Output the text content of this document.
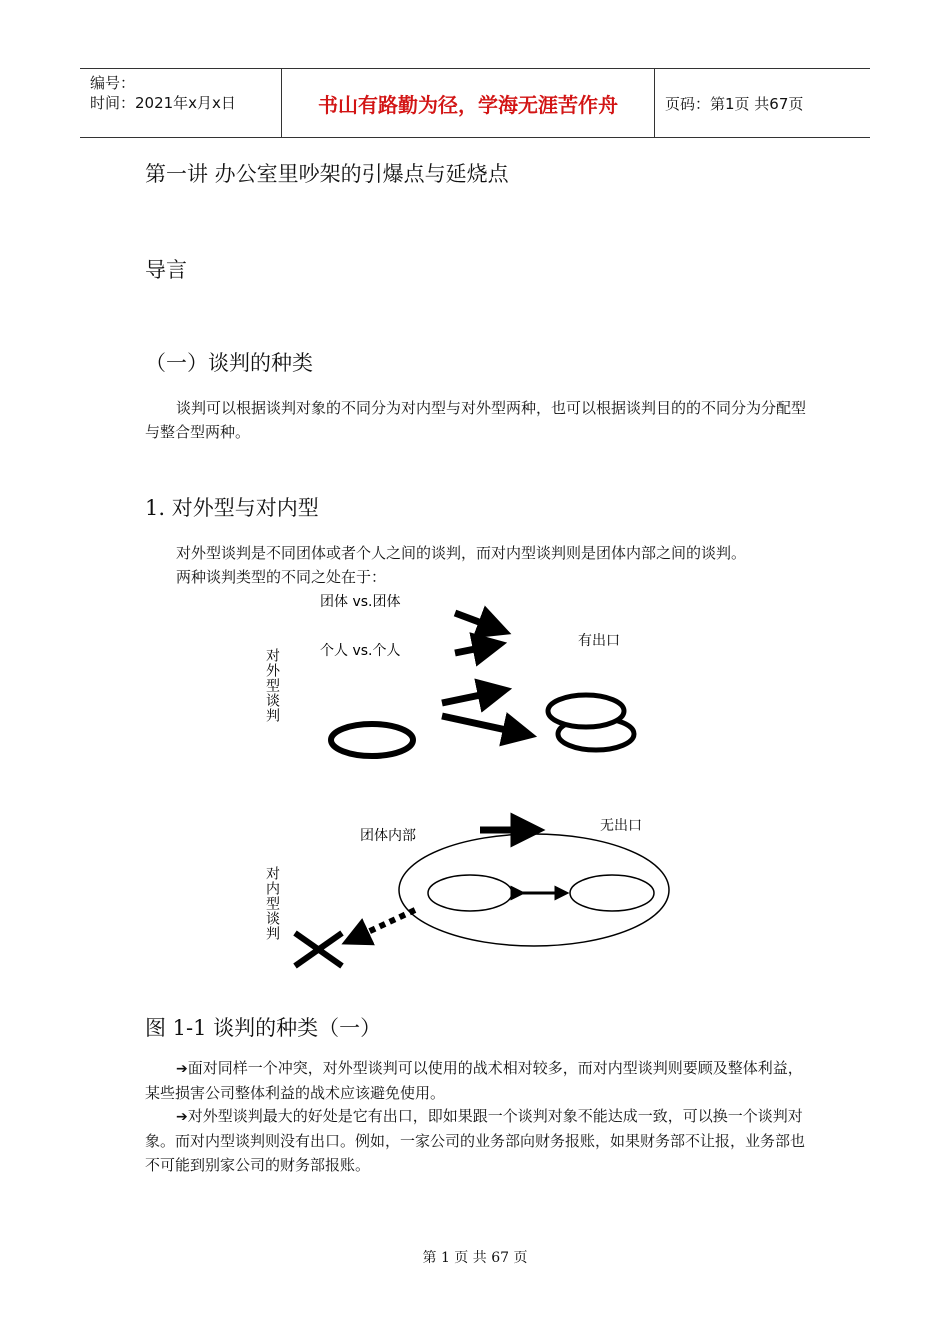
编号：
时间：2021年x月x日	书山有路勤为径，学海无涯苦作舟	页码：第1页 共67页
第一讲 办公室里吵架的引爆点与延烧点
导言
（一）谈判的种类
谈判可以根据谈判对象的不同分为对内型与对外型两种，也可以根据谈判目的的不同分为分配型与整合型两种。
1. 对外型与对内型
对外型谈判是不同团体或者个人之间的谈判，而对内型谈判则是团体内部之间的谈判。
两种谈判类型的不同之处在于：
对外型谈判
团体 vs.团体
个人 vs.个人
有出口
团体内部
无出口
对内型谈判
图 1-1 谈判的种类（一）
➔面对同样一个冲突，对外型谈判可以使用的战术相对较多，而对内型谈判则要顾及整体利益，某些损害公司整体利益的战术应该避免使用。
➔对外型谈判最大的好处是它有出口，即如果跟一个谈判对象不能达成一致，可以换一个谈判对象。而对内型谈判则没有出口。例如，一家公司的业务部向财务报账，如果财务部不让报，业务部也不可能到别家公司的财务部报账。
第 1 页 共 67 页
